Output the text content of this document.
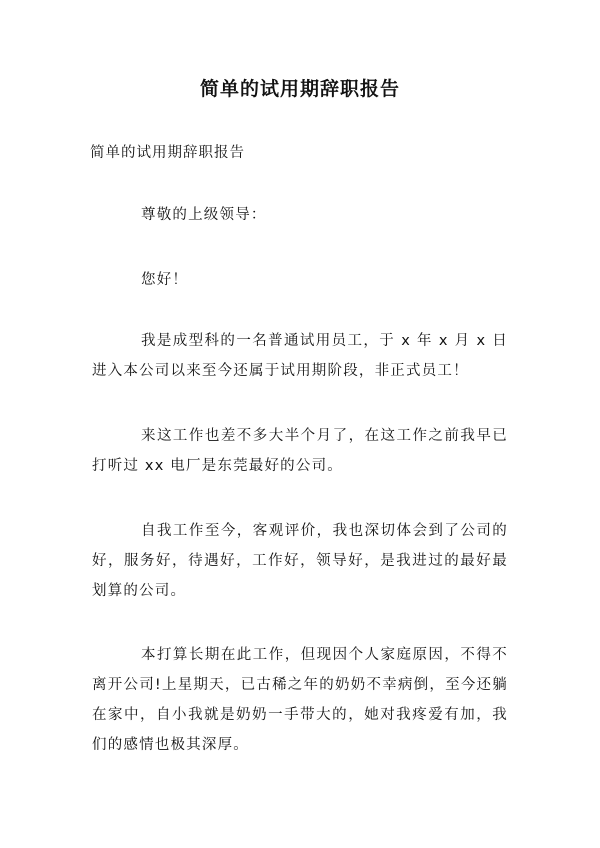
简单的试用期辞职报告
简单的试用期辞职报告
尊敬的上级领导：
您好！
我是成型科的一名普通试用员工，于 x 年 x 月 x 日进入本公司以来至今还属于试用期阶段，非正式员工！
来这工作也差不多大半个月了，在这工作之前我早已打听过 xx 电厂是东莞最好的公司。
自我工作至今，客观评价，我也深切体会到了公司的好，服务好，待遇好，工作好，领导好，是我进过的最好最划算的公司。
本打算长期在此工作，但现因个人家庭原因，不得不离开公司!上星期天，已古稀之年的奶奶不幸病倒，至今还躺在家中，自小我就是奶奶一手带大的，她对我疼爱有加，我们的感情也极其深厚。
